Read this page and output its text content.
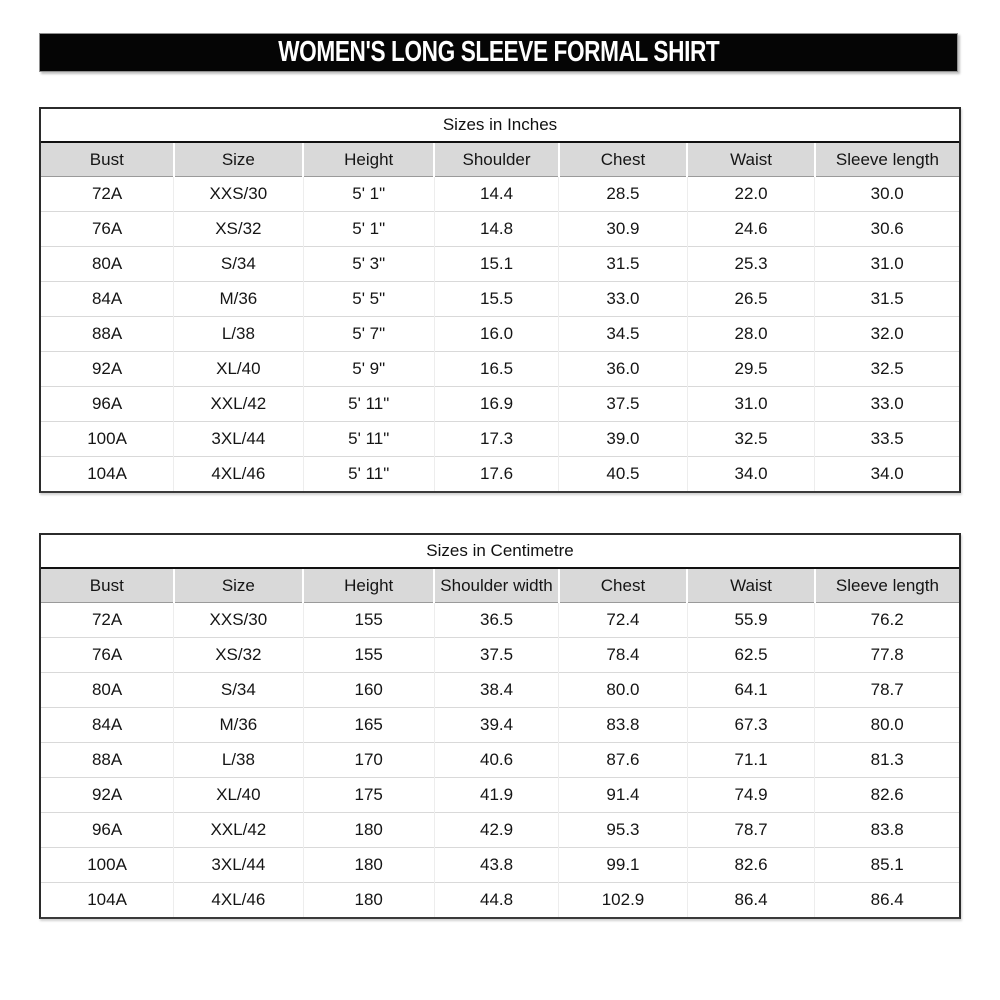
WOMEN'S LONG SLEEVE FORMAL SHIRT
Sizes in Inches
Bust	Size	Height	Shoulder	Chest	Waist	Sleeve length
72A	XXS/30	5' 1"	14.4	28.5	22.0	30.0
76A	XS/32	5' 1"	14.8	30.9	24.6	30.6
80A	S/34	5' 3"	15.1	31.5	25.3	31.0
84A	M/36	5' 5"	15.5	33.0	26.5	31.5
88A	L/38	5' 7"	16.0	34.5	28.0	32.0
92A	XL/40	5' 9"	16.5	36.0	29.5	32.5
96A	XXL/42	5' 11"	16.9	37.5	31.0	33.0
100A	3XL/44	5' 11"	17.3	39.0	32.5	33.5
104A	4XL/46	5' 11"	17.6	40.5	34.0	34.0
Sizes in Centimetre
Bust	Size	Height	Shoulder width	Chest	Waist	Sleeve length
72A	XXS/30	155	36.5	72.4	55.9	76.2
76A	XS/32	155	37.5	78.4	62.5	77.8
80A	S/34	160	38.4	80.0	64.1	78.7
84A	M/36	165	39.4	83.8	67.3	80.0
88A	L/38	170	40.6	87.6	71.1	81.3
92A	XL/40	175	41.9	91.4	74.9	82.6
96A	XXL/42	180	42.9	95.3	78.7	83.8
100A	3XL/44	180	43.8	99.1	82.6	85.1
104A	4XL/46	180	44.8	102.9	86.4	86.4
